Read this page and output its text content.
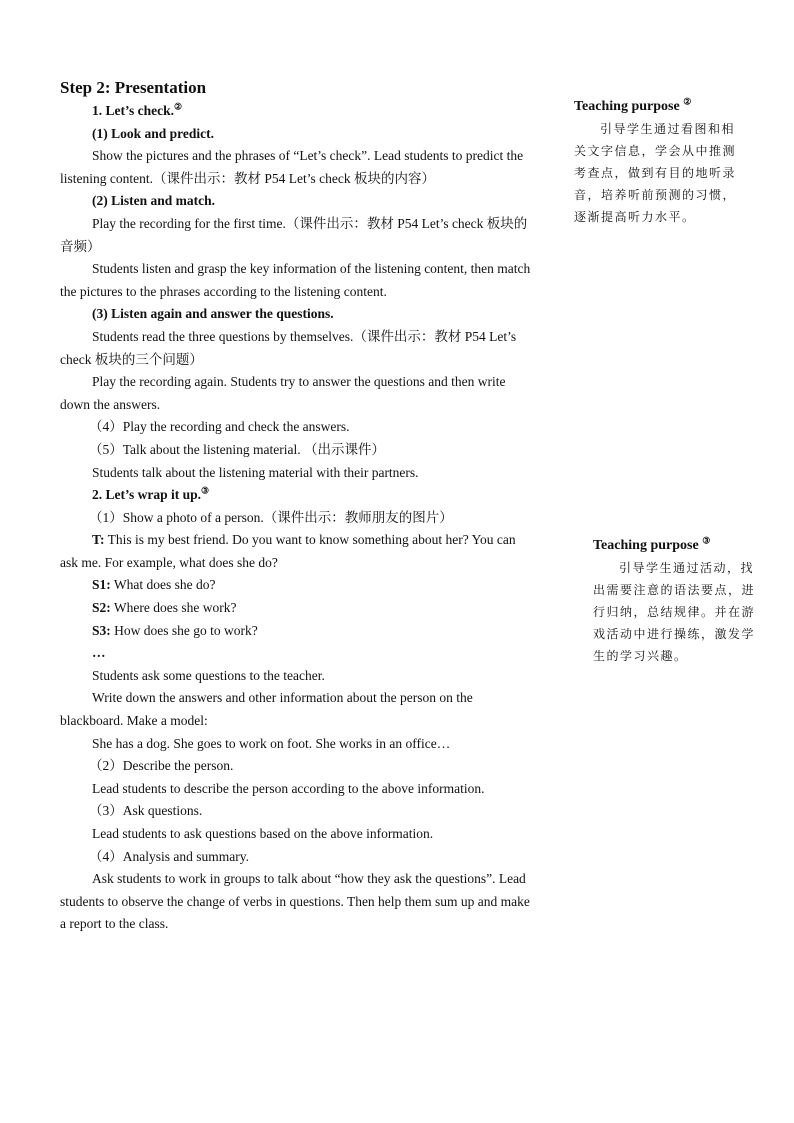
Step 2: Presentation

1. Let’s check.②

(1) Look and predict.

Show the pictures and the phrases of “Let’s check”. Lead students to predict the listening content.（课件出示：教材 P54 Let’s check 板块的内容）

(2) Listen and match.

Play the recording for the first time.（课件出示：教材 P54 Let’s check 板块的音频）

Students listen and grasp the key information of the listening content, then match the pictures to the phrases according to the listening content.

(3) Listen again and answer the questions.

Students read the three questions by themselves.（课件出示：教材 P54 Let’s check 板块的三个问题）

Play the recording again. Students try to answer the questions and then write down the answers.

（4）Play the recording and check the answers.

（5）Talk about the listening material. （出示课件）

Students talk about the listening material with their partners.

2. Let’s wrap it up.③

（1）Show a photo of a person.（课件出示：教师朋友的图片）

T: This is my best friend. Do you want to know something about her? You can ask me. For example, what does she do?

S1: What does she do?

S2: Where does she work?

S3: How does she go to work?

…

Students ask some questions to the teacher.

Write down the answers and other information about the person on the blackboard. Make a model:

She has a dog. She goes to work on foot. She works in an office…

（2）Describe the person.

Lead students to describe the person according to the above information.

（3）Ask questions.

Lead students to ask questions based on the above information.

（4）Analysis and summary.

Ask students to work in groups to talk about “how they ask the questions”. Lead students to observe the change of verbs in questions. Then help them sum up and make a report to the class.

Teaching purpose ②

引导学生通过看图和相关文字信息，学会从中推测考查点，做到有目的地听录音，培养听前预测的习惯，逐渐提高听力水平。

Teaching purpose ③

引导学生通过活动，找出需要注意的语法要点，进行归纳，总结规律。并在游戏活动中进行操练，激发学生的学习兴趣。
